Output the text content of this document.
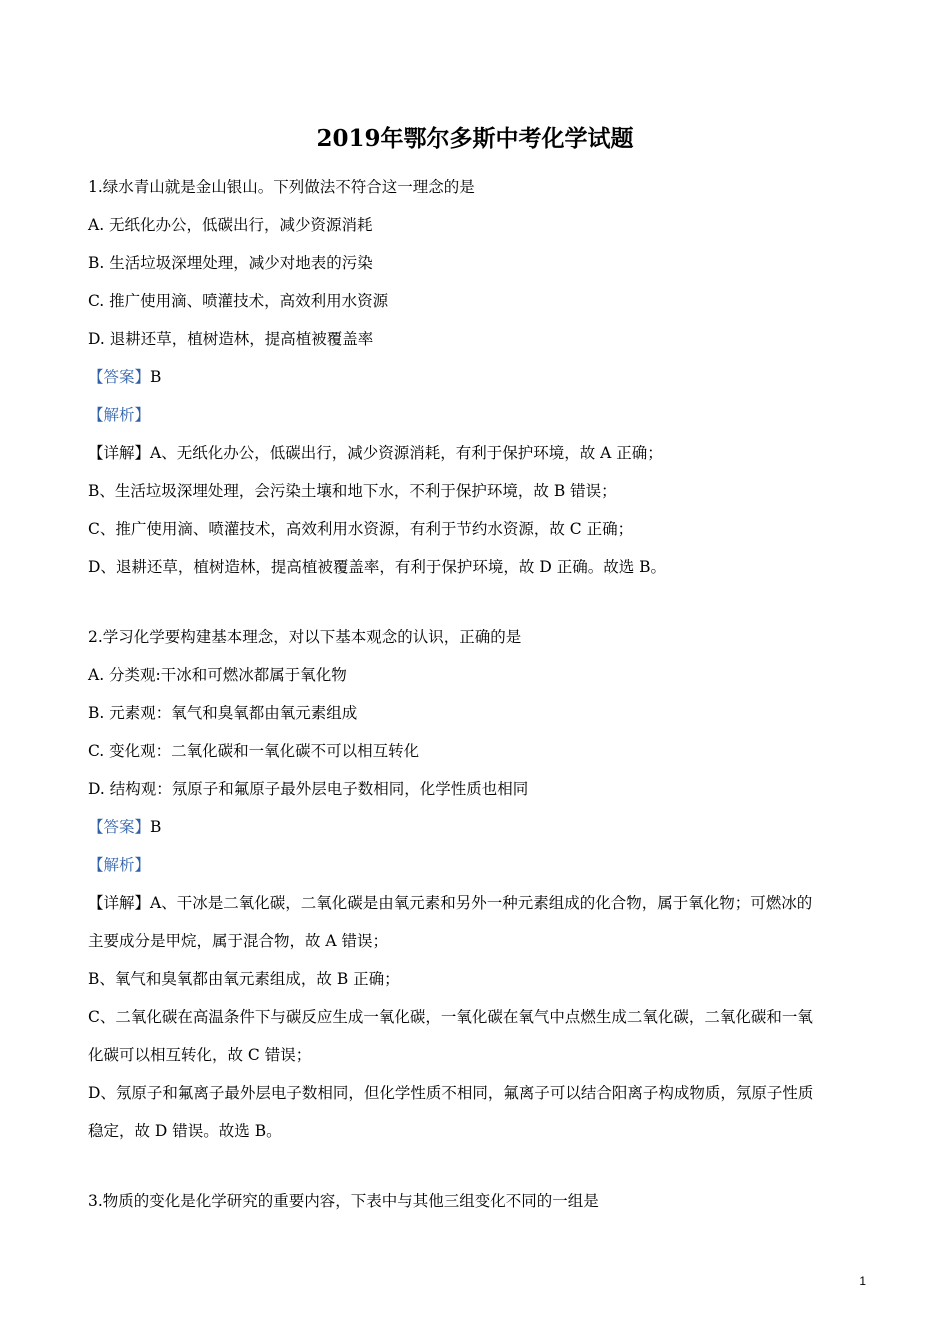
2019年鄂尔多斯中考化学试题
1.绿水青山就是金山银山。下列做法不符合这一理念的是
A. 无纸化办公，低碳出行，减少资源消耗
B. 生活垃圾深埋处理，减少对地表的污染
C. 推广使用滴、喷灌技术，高效利用水资源
D. 退耕还草，植树造林，提高植被覆盖率
【答案】B
【解析】
【详解】A、无纸化办公，低碳出行，减少资源消耗，有利于保护环境，故 A 正确；
B、生活垃圾深埋处理，会污染土壤和地下水，不利于保护环境，故 B 错误；
C、推广使用滴、喷灌技术，高效利用水资源，有利于节约水资源，故 C 正确；
D、退耕还草，植树造林，提高植被覆盖率，有利于保护环境，故 D 正确。故选 B。
2.学习化学要构建基本理念，对以下基本观念的认识，正确的是
A. 分类观:干冰和可燃冰都属于氧化物
B. 元素观：氧气和臭氧都由氧元素组成
C. 变化观：二氧化碳和一氧化碳不可以相互转化
D. 结构观：氖原子和氟原子最外层电子数相同，化学性质也相同
【答案】B
【解析】
【详解】A、干冰是二氧化碳，二氧化碳是由氧元素和另外一种元素组成的化合物，属于氧化物；可燃冰的
主要成分是甲烷，属于混合物，故 A 错误；
B、氧气和臭氧都由氧元素组成，故 B 正确；
C、二氧化碳在高温条件下与碳反应生成一氧化碳，一氧化碳在氧气中点燃生成二氧化碳，二氧化碳和一氧
化碳可以相互转化，故 C 错误；
D、氖原子和氟离子最外层电子数相同，但化学性质不相同，氟离子可以结合阳离子构成物质，氖原子性质
稳定，故 D 错误。故选 B。
3.物质的变化是化学研究的重要内容，下表中与其他三组变化不同的一组是
1
